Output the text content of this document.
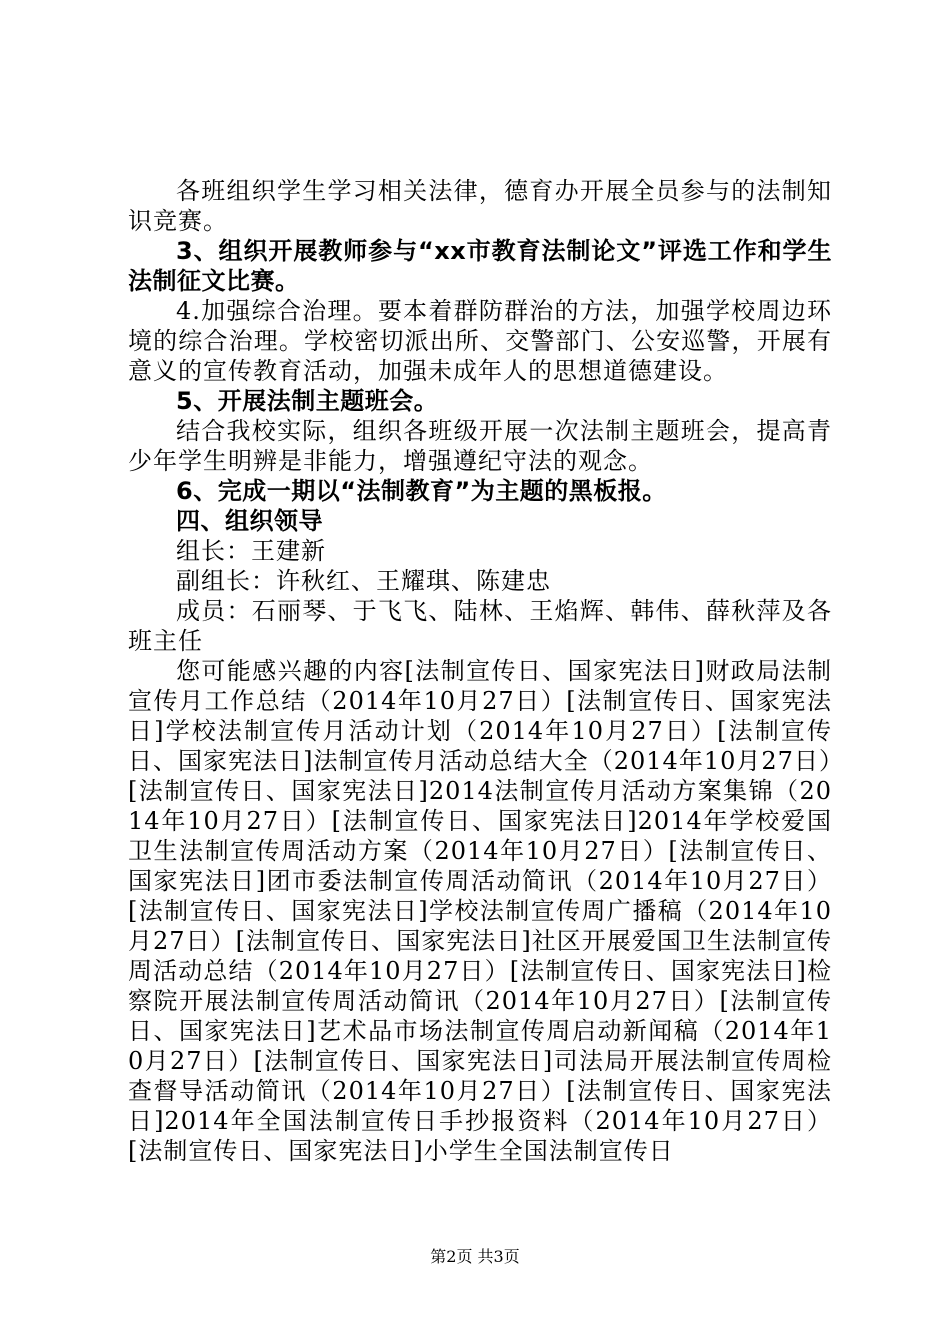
各班组织学生学习相关法律，德育办开展全员参与的法制知识竞赛。

3、组织开展教师参与“xx市教育法制论文”评选工作和学生法制征文比赛。

4.加强综合治理。要本着群防群治的方法，加强学校周边环境的综合治理。学校密切派出所、交警部门、公安巡警，开展有意义的宣传教育活动，加强未成年人的思想道德建设。

5、开展法制主题班会。

结合我校实际，组织各班级开展一次法制主题班会，提高青少年学生明辨是非能力，增强遵纪守法的观念。

6、完成一期以“法制教育”为主题的黑板报。

四、组织领导

组长：王建新

副组长：许秋红、王耀琪、陈建忠

成员：石丽琴、于飞飞、陆林、王焰辉、韩伟、薛秋萍及各班主任

您可能感兴趣的内容[法制宣传日、国家宪法日]财政局法制宣传月工作总结（2014年10月27日）[法制宣传日、国家宪法日]学校法制宣传月活动计划（2014年10月27日）[法制宣传日、国家宪法日]法制宣传月活动总结大全（2014年10月27日）[法制宣传日、国家宪法日]2014法制宣传月活动方案集锦（2014年10月27日）[法制宣传日、国家宪法日]2014年学校爱国卫生法制宣传周活动方案（2014年10月27日）[法制宣传日、国家宪法日]团市委法制宣传周活动简讯（2014年10月27日）[法制宣传日、国家宪法日]学校法制宣传周广播稿（2014年10月27日）[法制宣传日、国家宪法日]社区开展爱国卫生法制宣传周活动总结（2014年10月27日）[法制宣传日、国家宪法日]检察院开展法制宣传周活动简讯（2014年10月27日）[法制宣传日、国家宪法日]艺术品市场法制宣传周启动新闻稿（2014年10月27日）[法制宣传日、国家宪法日]司法局开展法制宣传周检查督导活动简讯（2014年10月27日）[法制宣传日、国家宪法日]2014年全国法制宣传日手抄报资料（2014年10月27日）[法制宣传日、国家宪法日]小学生全国法制宣传日

第2页 共3页
